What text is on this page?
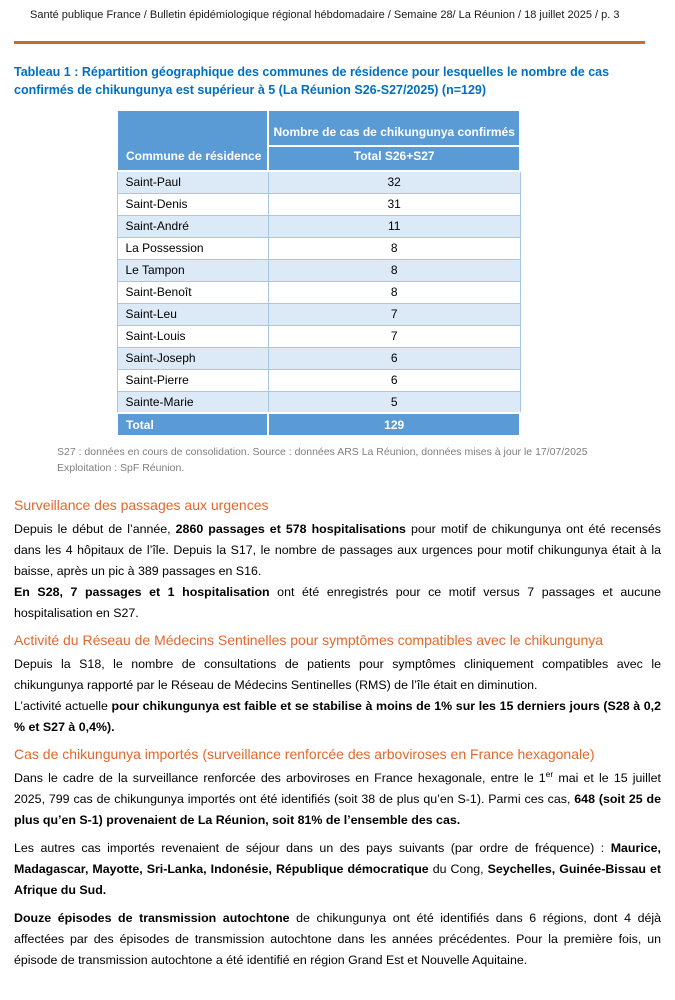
Santé publique France / Bulletin épidémiologique régional hébdomadaire / Semaine 28/ La Réunion / 18 juillet 2025 / p. 3
Tableau 1 : Répartition géographique des communes de résidence pour lesquelles le nombre de cas confirmés de chikungunya est supérieur à 5 (La Réunion S26-S27/2025) (n=129)
Commune de résidence	Nombre de cas de chikungunya confirmés
	Total S26+S27
Saint-Paul	32
Saint-Denis	31
Saint-André	11
La Possession	8
Le Tampon	8
Saint-Benoît	8
Saint-Leu	7
Saint-Louis	7
Saint-Joseph	6
Saint-Pierre	6
Sainte-Marie	5
Total	129
S27 : données en cours de consolidation. Source : données ARS La Réunion, données mises à jour le 17/07/2025
Exploitation : SpF Réunion.
Surveillance des passages aux urgences

Depuis le début de l’année, 2860 passages et 578 hospitalisations pour motif de chikungunya ont été recensés dans les 4 hôpitaux de l’île. Depuis la S17, le nombre de passages aux urgences pour motif chikungunya était à la baisse, après un pic à 389 passages en S16.

En S28, 7 passages et 1 hospitalisation ont été enregistrés pour ce motif versus 7 passages et aucune hospitalisation en S27.

Activité du Réseau de Médecins Sentinelles pour symptômes compatibles avec le chikungunya

Depuis la S18, le nombre de consultations de patients pour symptômes cliniquement compatibles avec le chikungunya rapporté par le Réseau de Médecins Sentinelles (RMS) de l’île était en diminution.

L’activité actuelle pour chikungunya est faible et se stabilise à moins de 1% sur les 15 derniers jours (S28 à 0,2 % et S27 à 0,4%).

Cas de chikungunya importés (surveillance renforcée des arboviroses en France hexagonale)

Dans le cadre de la surveillance renforcée des arboviroses en France hexagonale, entre le 1er mai et le 15 juillet 2025, 799 cas de chikungunya importés ont été identifiés (soit 38 de plus qu’en S-1). Parmi ces cas, 648 (soit 25 de plus qu’en S-1) provenaient de La Réunion, soit 81% de l’ensemble des cas.

Les autres cas importés revenaient de séjour dans un des pays suivants (par ordre de fréquence) : Maurice, Madagascar, Mayotte, Sri-Lanka, Indonésie, République démocratique du Cong, Seychelles, Guinée-Bissau et Afrique du Sud.

Douze épisodes de transmission autochtone de chikungunya ont été identifiés dans 6 régions, dont 4 déjà affectées par des épisodes de transmission autochtone dans les années précédentes. Pour la première fois, un épisode de transmission autochtone a été identifié en région Grand Est et Nouvelle Aquitaine.
